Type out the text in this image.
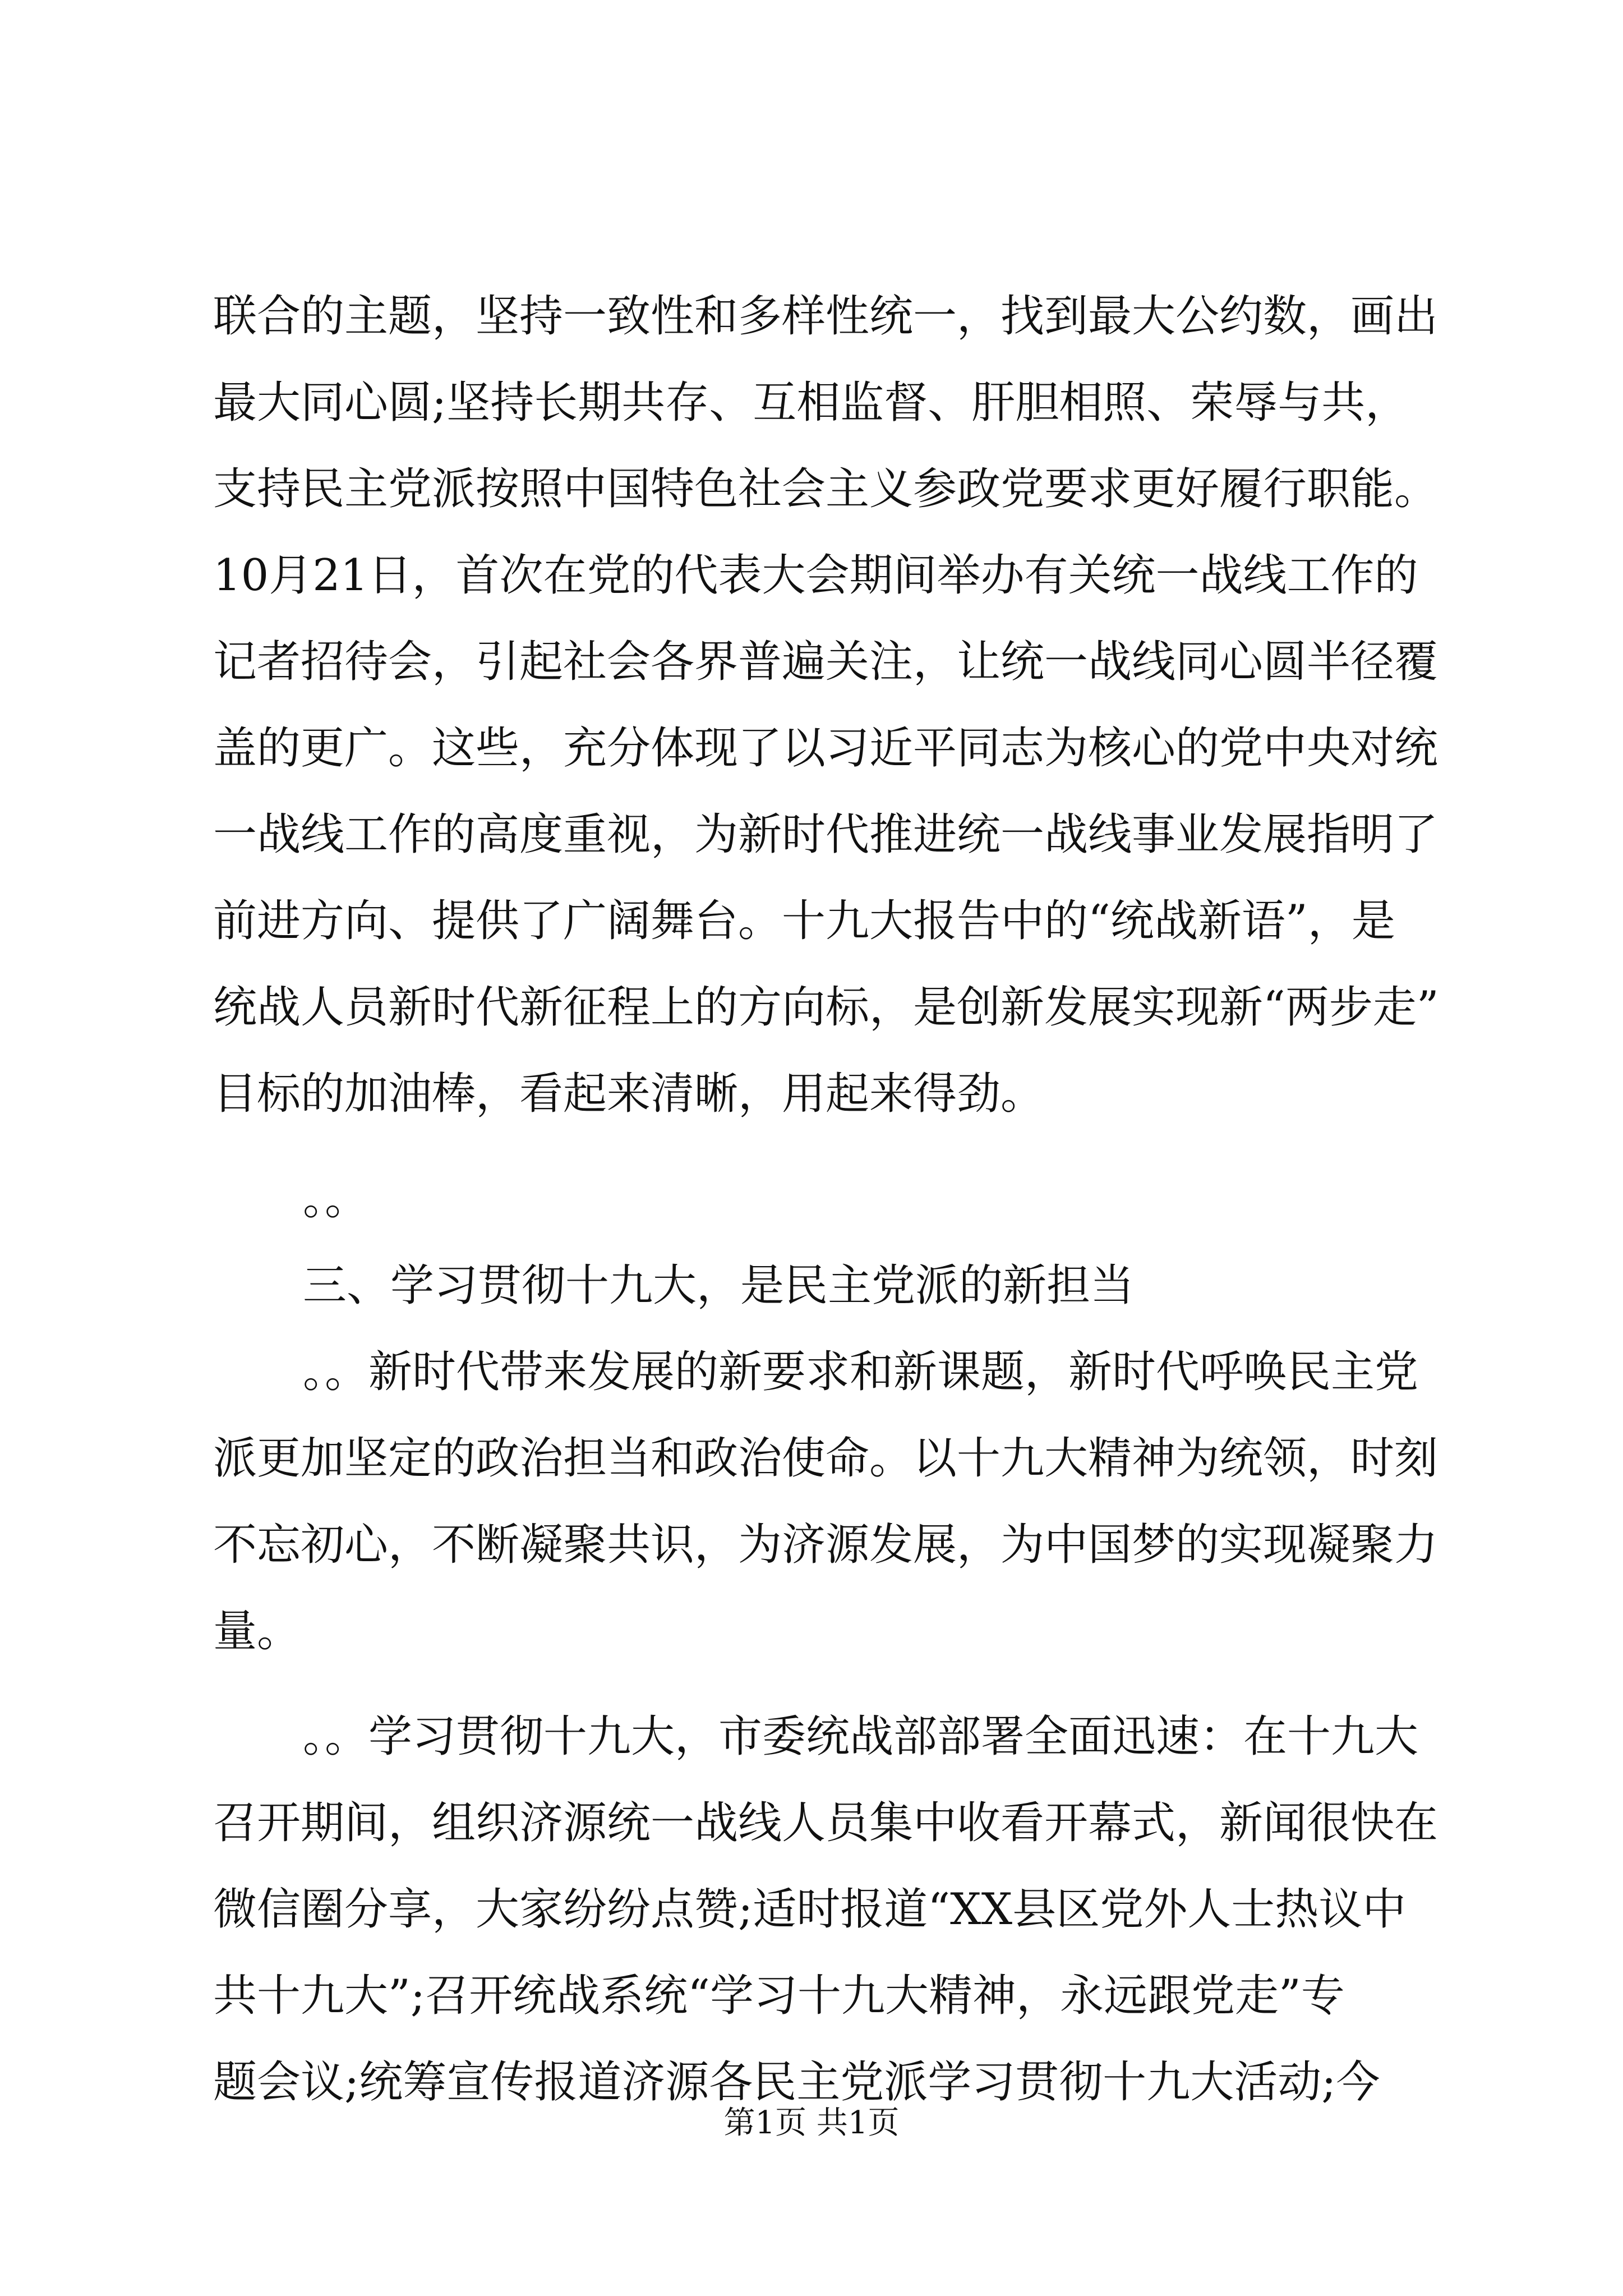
联合的主题，坚持一致性和多样性统一，找到最大公约数，画出

最大同心圆;坚持长期共存、互相监督、肝胆相照、荣辱与共，

支持民主党派按照中国特色社会主义参政党要求更好履行职能。

10月21日，首次在党的代表大会期间举办有关统一战线工作的

记者招待会，引起社会各界普遍关注，让统一战线同心圆半径覆

盖的更广。这些，充分体现了以习近平同志为核心的党中央对统

一战线工作的高度重视，为新时代推进统一战线事业发展指明了

前进方向、提供了广阔舞台。十九大报告中的“统战新语”，是

统战人员新时代新征程上的方向标，是创新发展实现新“两步走”

目标的加油棒，看起来清晰，用起来得劲。

。。

三、学习贯彻十九大，是民主党派的新担当

。。新时代带来发展的新要求和新课题，新时代呼唤民主党

派更加坚定的政治担当和政治使命。以十九大精神为统领，时刻

不忘初心，不断凝聚共识，为济源发展，为中国梦的实现凝聚力

量。

。。学习贯彻十九大，市委统战部部署全面迅速：在十九大

召开期间，组织济源统一战线人员集中收看开幕式，新闻很快在

微信圈分享，大家纷纷点赞;适时报道“XX县区党外人士热议中

共十九大”;召开统战系统“学习十九大精神，永远跟党走”专

题会议;统筹宣传报道济源各民主党派学习贯彻十九大活动;今

第1页 共1页
